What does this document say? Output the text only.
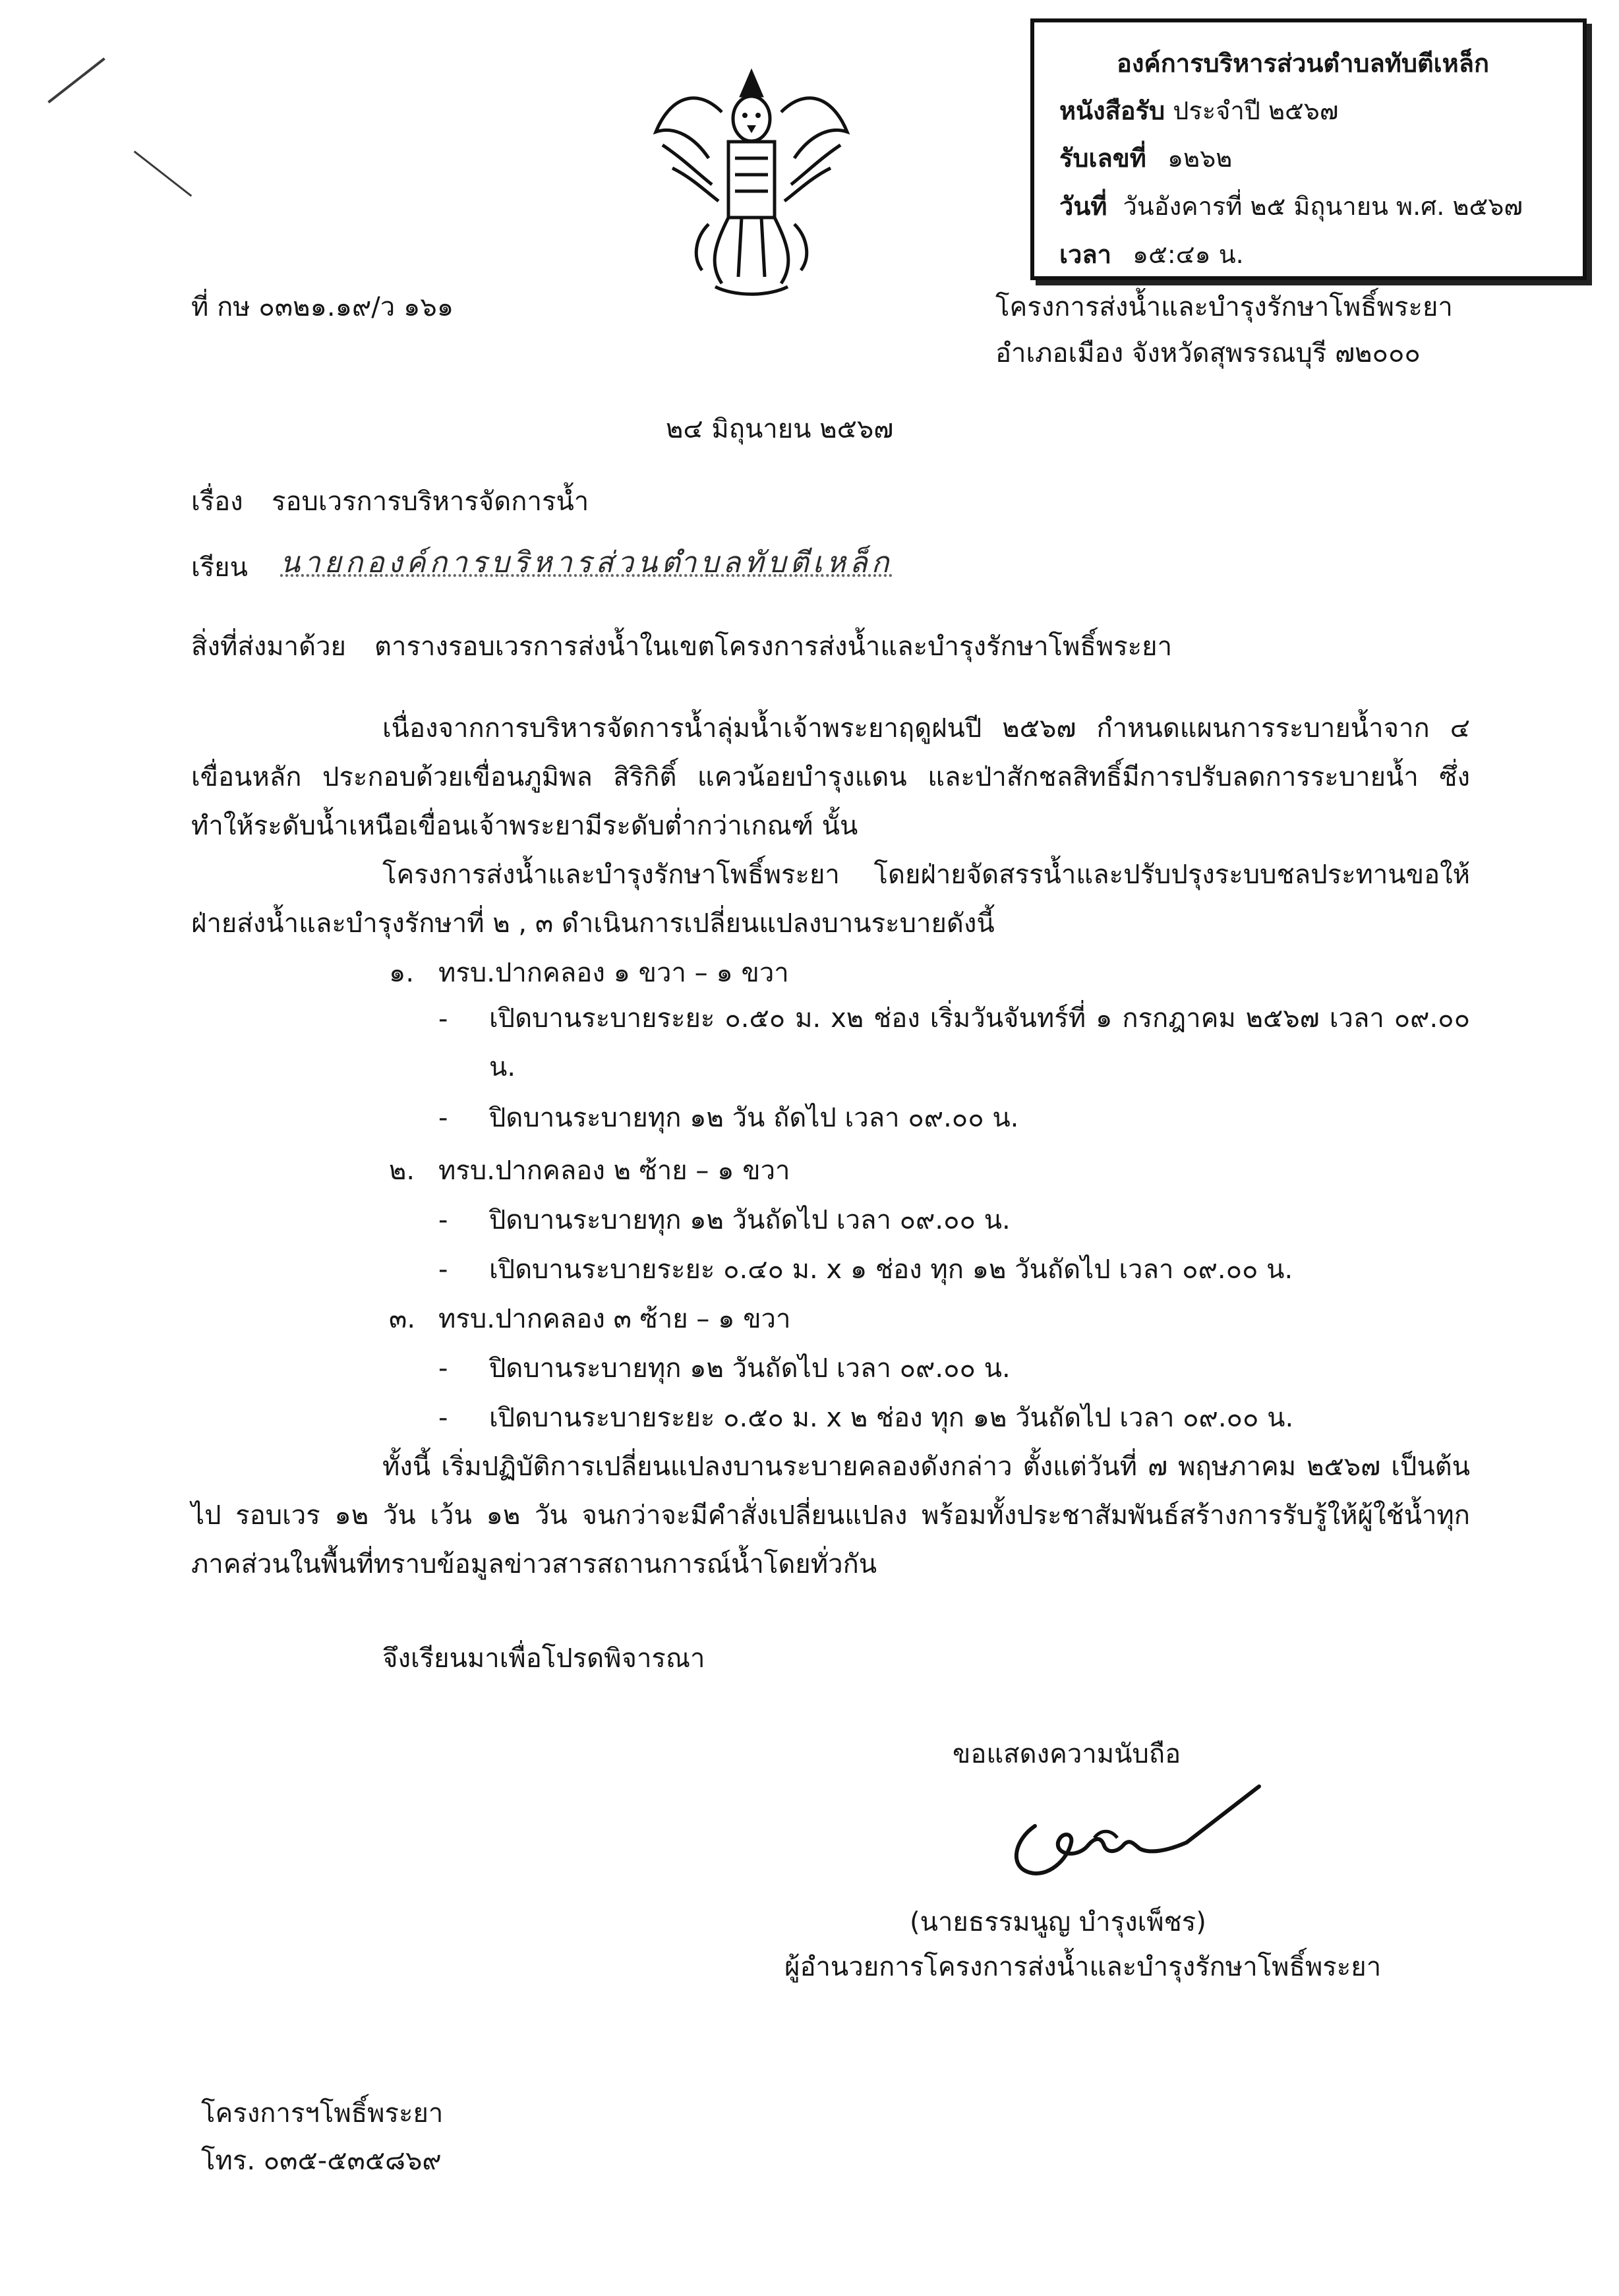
องค์การบริหารส่วนตำบลทับตีเหล็ก
หนังสือรับ ประจำปี ๒๕๖๗
รับเลขที่ ๑๒๖๒
วันที่ วันอังคารที่ ๒๕ มิถุนายน พ.ศ. ๒๕๖๗
เวลา ๑๕:๔๑ น.
ที่ กษ ๐๓๒๑.๑๙/ว ๑๖๑	โครงการส่งน้ำและบำรุงรักษาโพธิ์พระยา
อำเภอเมือง จังหวัดสุพรรณบุรี ๗๒๐๐๐
๒๔ มิถุนายน ๒๕๖๗
เรื่อง รอบเวรการบริหารจัดการน้ำ
เรียน นายกองค์การบริหารส่วนตำบลทับตีเหล็ก
สิ่งที่ส่งมาด้วย ตารางรอบเวรการส่งน้ำในเขตโครงการส่งน้ำและบำรุงรักษาโพธิ์พระยา
เนื่องจากการบริหารจัดการน้ำลุ่มน้ำเจ้าพระยาฤดูฝนปี ๒๕๖๗ กำหนดแผนการระบายน้ำจาก ๔ เขื่อนหลัก ประกอบด้วยเขื่อนภูมิพล สิริกิติ์ แควน้อยบำรุงแดน และป่าสักชลสิทธิ์มีการปรับลดการระบายน้ำ ซึ่งทำให้ระดับน้ำเหนือเขื่อนเจ้าพระยามีระดับต่ำกว่าเกณฑ์ นั้น
โครงการส่งน้ำและบำรุงรักษาโพธิ์พระยา โดยฝ่ายจัดสรรน้ำและปรับปรุงระบบชลประทานขอให้ฝ่ายส่งน้ำและบำรุงรักษาที่ ๒ , ๓ ดำเนินการเปลี่ยนแปลงบานระบายดังนี้
๑. ทรบ.ปากคลอง ๑ ขวา – ๑ ขวา
- เปิดบานระบายระยะ ๐.๕๐ ม. x๒ ช่อง เริ่มวันจันทร์ที่ ๑ กรกฎาคม ๒๕๖๗ เวลา ๐๙.๐๐ น.
- ปิดบานระบายทุก ๑๒ วัน ถัดไป เวลา ๐๙.๐๐ น.
๒. ทรบ.ปากคลอง ๒ ซ้าย – ๑ ขวา
- ปิดบานระบายทุก ๑๒ วันถัดไป เวลา ๐๙.๐๐ น.
- เปิดบานระบายระยะ ๐.๔๐ ม. x ๑ ช่อง ทุก ๑๒ วันถัดไป เวลา ๐๙.๐๐ น.
๓. ทรบ.ปากคลอง ๓ ซ้าย – ๑ ขวา
- ปิดบานระบายทุก ๑๒ วันถัดไป เวลา ๐๙.๐๐ น.
- เปิดบานระบายระยะ ๐.๕๐ ม. x ๒ ช่อง ทุก ๑๒ วันถัดไป เวลา ๐๙.๐๐ น.
ทั้งนี้ เริ่มปฏิบัติการเปลี่ยนแปลงบานระบายคลองดังกล่าว ตั้งแต่วันที่ ๗ พฤษภาคม ๒๕๖๗ เป็นต้นไป รอบเวร ๑๒ วัน เว้น ๑๒ วัน จนกว่าจะมีคำสั่งเปลี่ยนแปลง พร้อมทั้งประชาสัมพันธ์สร้างการรับรู้ให้ผู้ใช้น้ำทุกภาคส่วนในพื้นที่ทราบข้อมูลข่าวสารสถานการณ์น้ำโดยทั่วกัน
จึงเรียนมาเพื่อโปรดพิจารณา
ขอแสดงความนับถือ
(นายธรรมนูญ บำรุงเพ็ชร)
ผู้อำนวยการโครงการส่งน้ำและบำรุงรักษาโพธิ์พระยา
โครงการฯโพธิ์พระยา
โทร. ๐๓๕-๕๓๕๘๖๙
